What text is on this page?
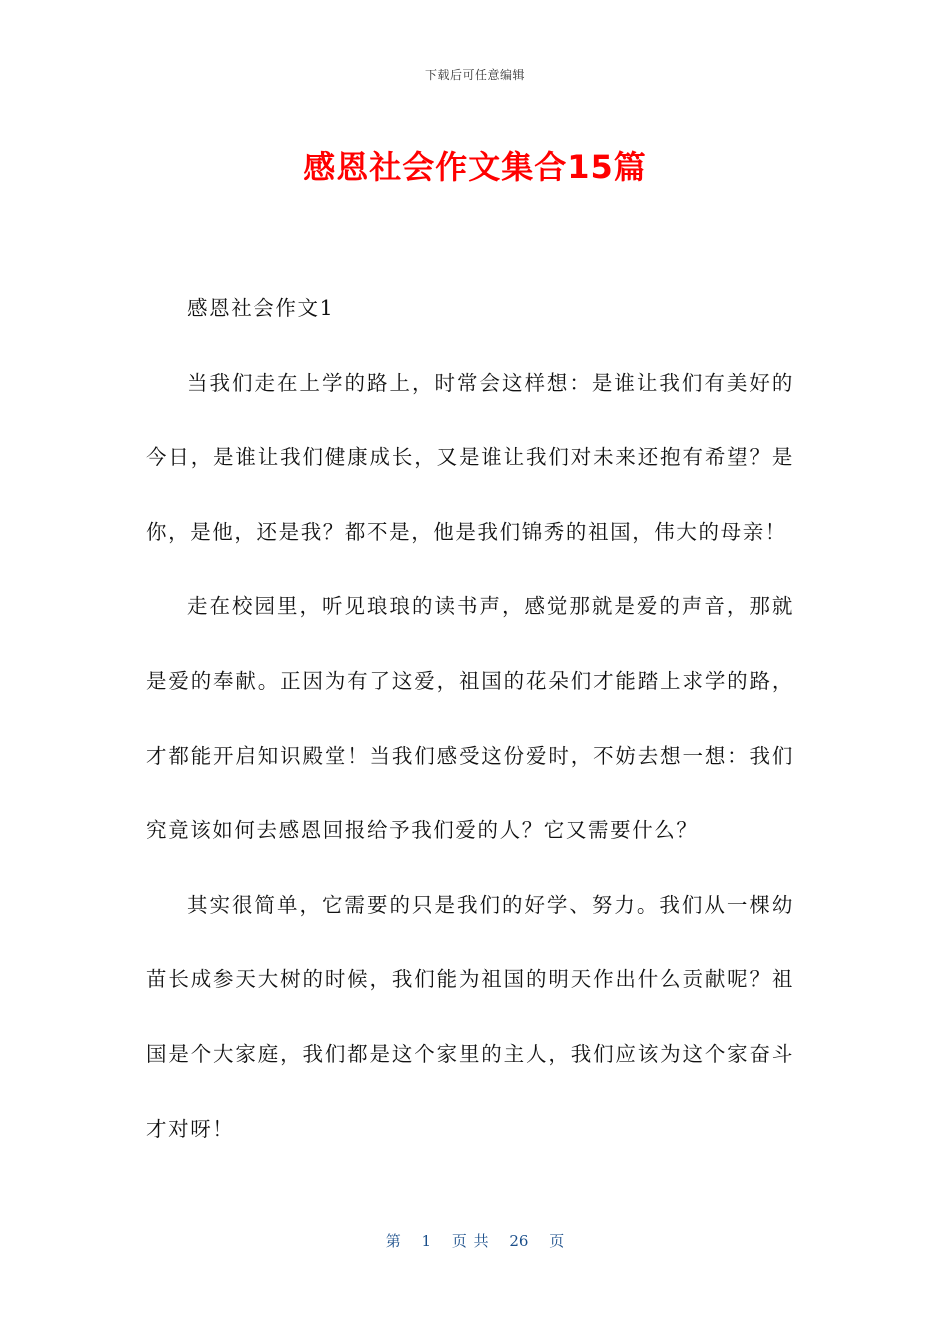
下载后可任意编辑
感恩社会作文集合15篇

感恩社会作文1

当我们走在上学的路上，时常会这样想：是谁让我们有美好的今日，是谁让我们健康成长，又是谁让我们对未来还抱有希望？是你，是他，还是我？都不是，他是我们锦秀的祖国，伟大的母亲！

走在校园里，听见琅琅的读书声，感觉那就是爱的声音，那就是爱的奉献。正因为有了这爱，祖国的花朵们才能踏上求学的路，才都能开启知识殿堂！当我们感受这份爱时，不妨去想一想：我们究竟该如何去感恩回报给予我们爱的人？它又需要什么？

其实很简单，它需要的只是我们的好学、努力。我们从一棵幼苗长成参天大树的时候，我们能为祖国的明天作出什么贡献呢？祖国是个大家庭，我们都是这个家里的主人，我们应该为这个家奋斗才对呀！

第 1 页 共 26 页
